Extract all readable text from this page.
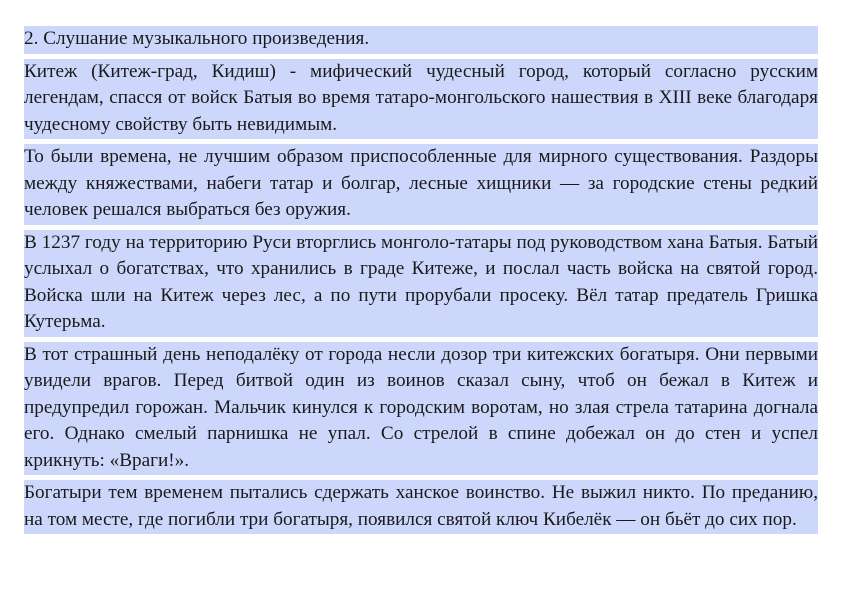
2. Слушание музыкального произведения.

Китеж (Китеж-град, Кидиш) - мифический чудесный город, который согласно русским легендам, спасся от войск Батыя во время татаро-монгольского нашествия в XIII веке благодаря чудесному свойству быть невидимым.

То были времена, не лучшим образом приспособленные для мирного существования. Раздоры между княжествами, набеги татар и болгар, лесные хищники — за городские стены редкий человек решался выбраться без оружия.

В 1237 году на территорию Руси вторглись монголо-татары под руководством хана Батыя. Батый услыхал о богатствах, что хранились в граде Китеже, и послал часть войска на святой город. Войска шли на Китеж через лес, а по пути прорубали просеку. Вёл татар предатель Гришка Кутерьма.

В тот страшный день неподалёку от города несли дозор три китежских богатыря. Они первыми увидели врагов. Перед битвой один из воинов сказал сыну, чтоб он бежал в Китеж и предупредил горожан. Мальчик кинулся к городским воротам, но злая стрела татарина догнала его. Однако смелый парнишка не упал. Со стрелой в спине добежал он до стен и успел крикнуть: «Враги!».

Богатыри тем временем пытались сдержать ханское воинство. Не выжил никто. По преданию, на том месте, где погибли три богатыря, появился святой ключ Кибелёк — он бьёт до сих пор.
